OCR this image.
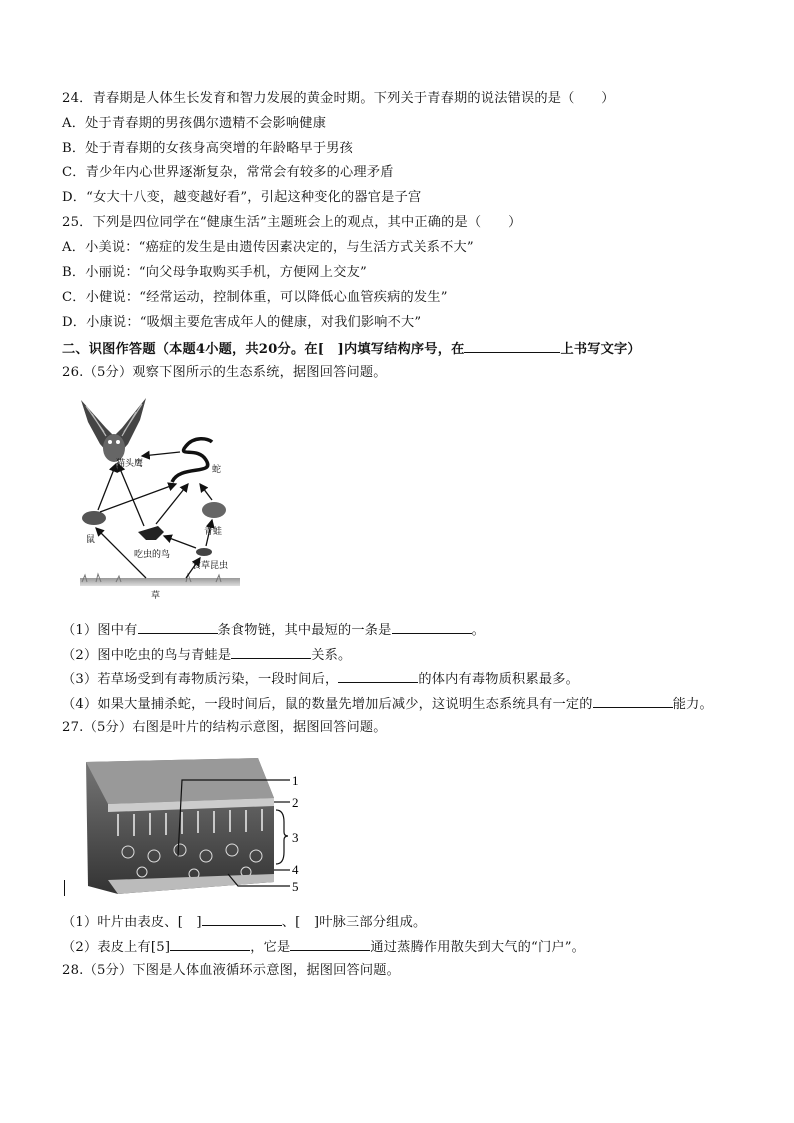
24．青春期是人体生长发育和智力发展的黄金时期。下列关于青春期的说法错误的是（　　）
A．处于青春期的男孩偶尔遗精不会影响健康
B．处于青春期的女孩身高突增的年龄略早于男孩
C．青少年内心世界逐渐复杂，常常会有较多的心理矛盾
D．“女大十八变，越变越好看”，引起这种变化的器官是子宫
25．下列是四位同学在“健康生活”主题班会上的观点，其中正确的是（　　）
A．小美说：“癌症的发生是由遗传因素决定的，与生活方式关系不大”
B．小丽说：“向父母争取购买手机，方便网上交友”
C．小健说：“经常运动，控制体重，可以降低心血管疾病的发生”
D．小康说：“吸烟主要危害成年人的健康，对我们影响不大”
二、识图作答题（本题4小题，共20分。在[　]内填写结构序号，在	上书写文字）
26.（5分）观察下图所示的生态系统，据图回答问题。
猫头鹰
蛇
鼠
青蛙
吃虫的鸟
食草昆虫
草
（1）图中有	条食物链，其中最短的一条是	。
（2）图中吃虫的鸟与青蛙是	关系。
（3）若草场受到有毒物质污染，一段时间后，	的体内有毒物质积累最多。
（4）如果大量捕杀蛇，一段时间后，鼠的数量先增加后减少，这说明生态系统具有一定的	能力。
27.（5分）右图是叶片的结构示意图，据图回答问题。
1
2
3
4
5
（1）叶片由表皮、[　]	、[　]叶脉三部分组成。
（2）表皮上有[5]	，它是	通过蒸腾作用散失到大气的“门户”。
28.（5分）下图是人体血液循环示意图，据图回答问题。
